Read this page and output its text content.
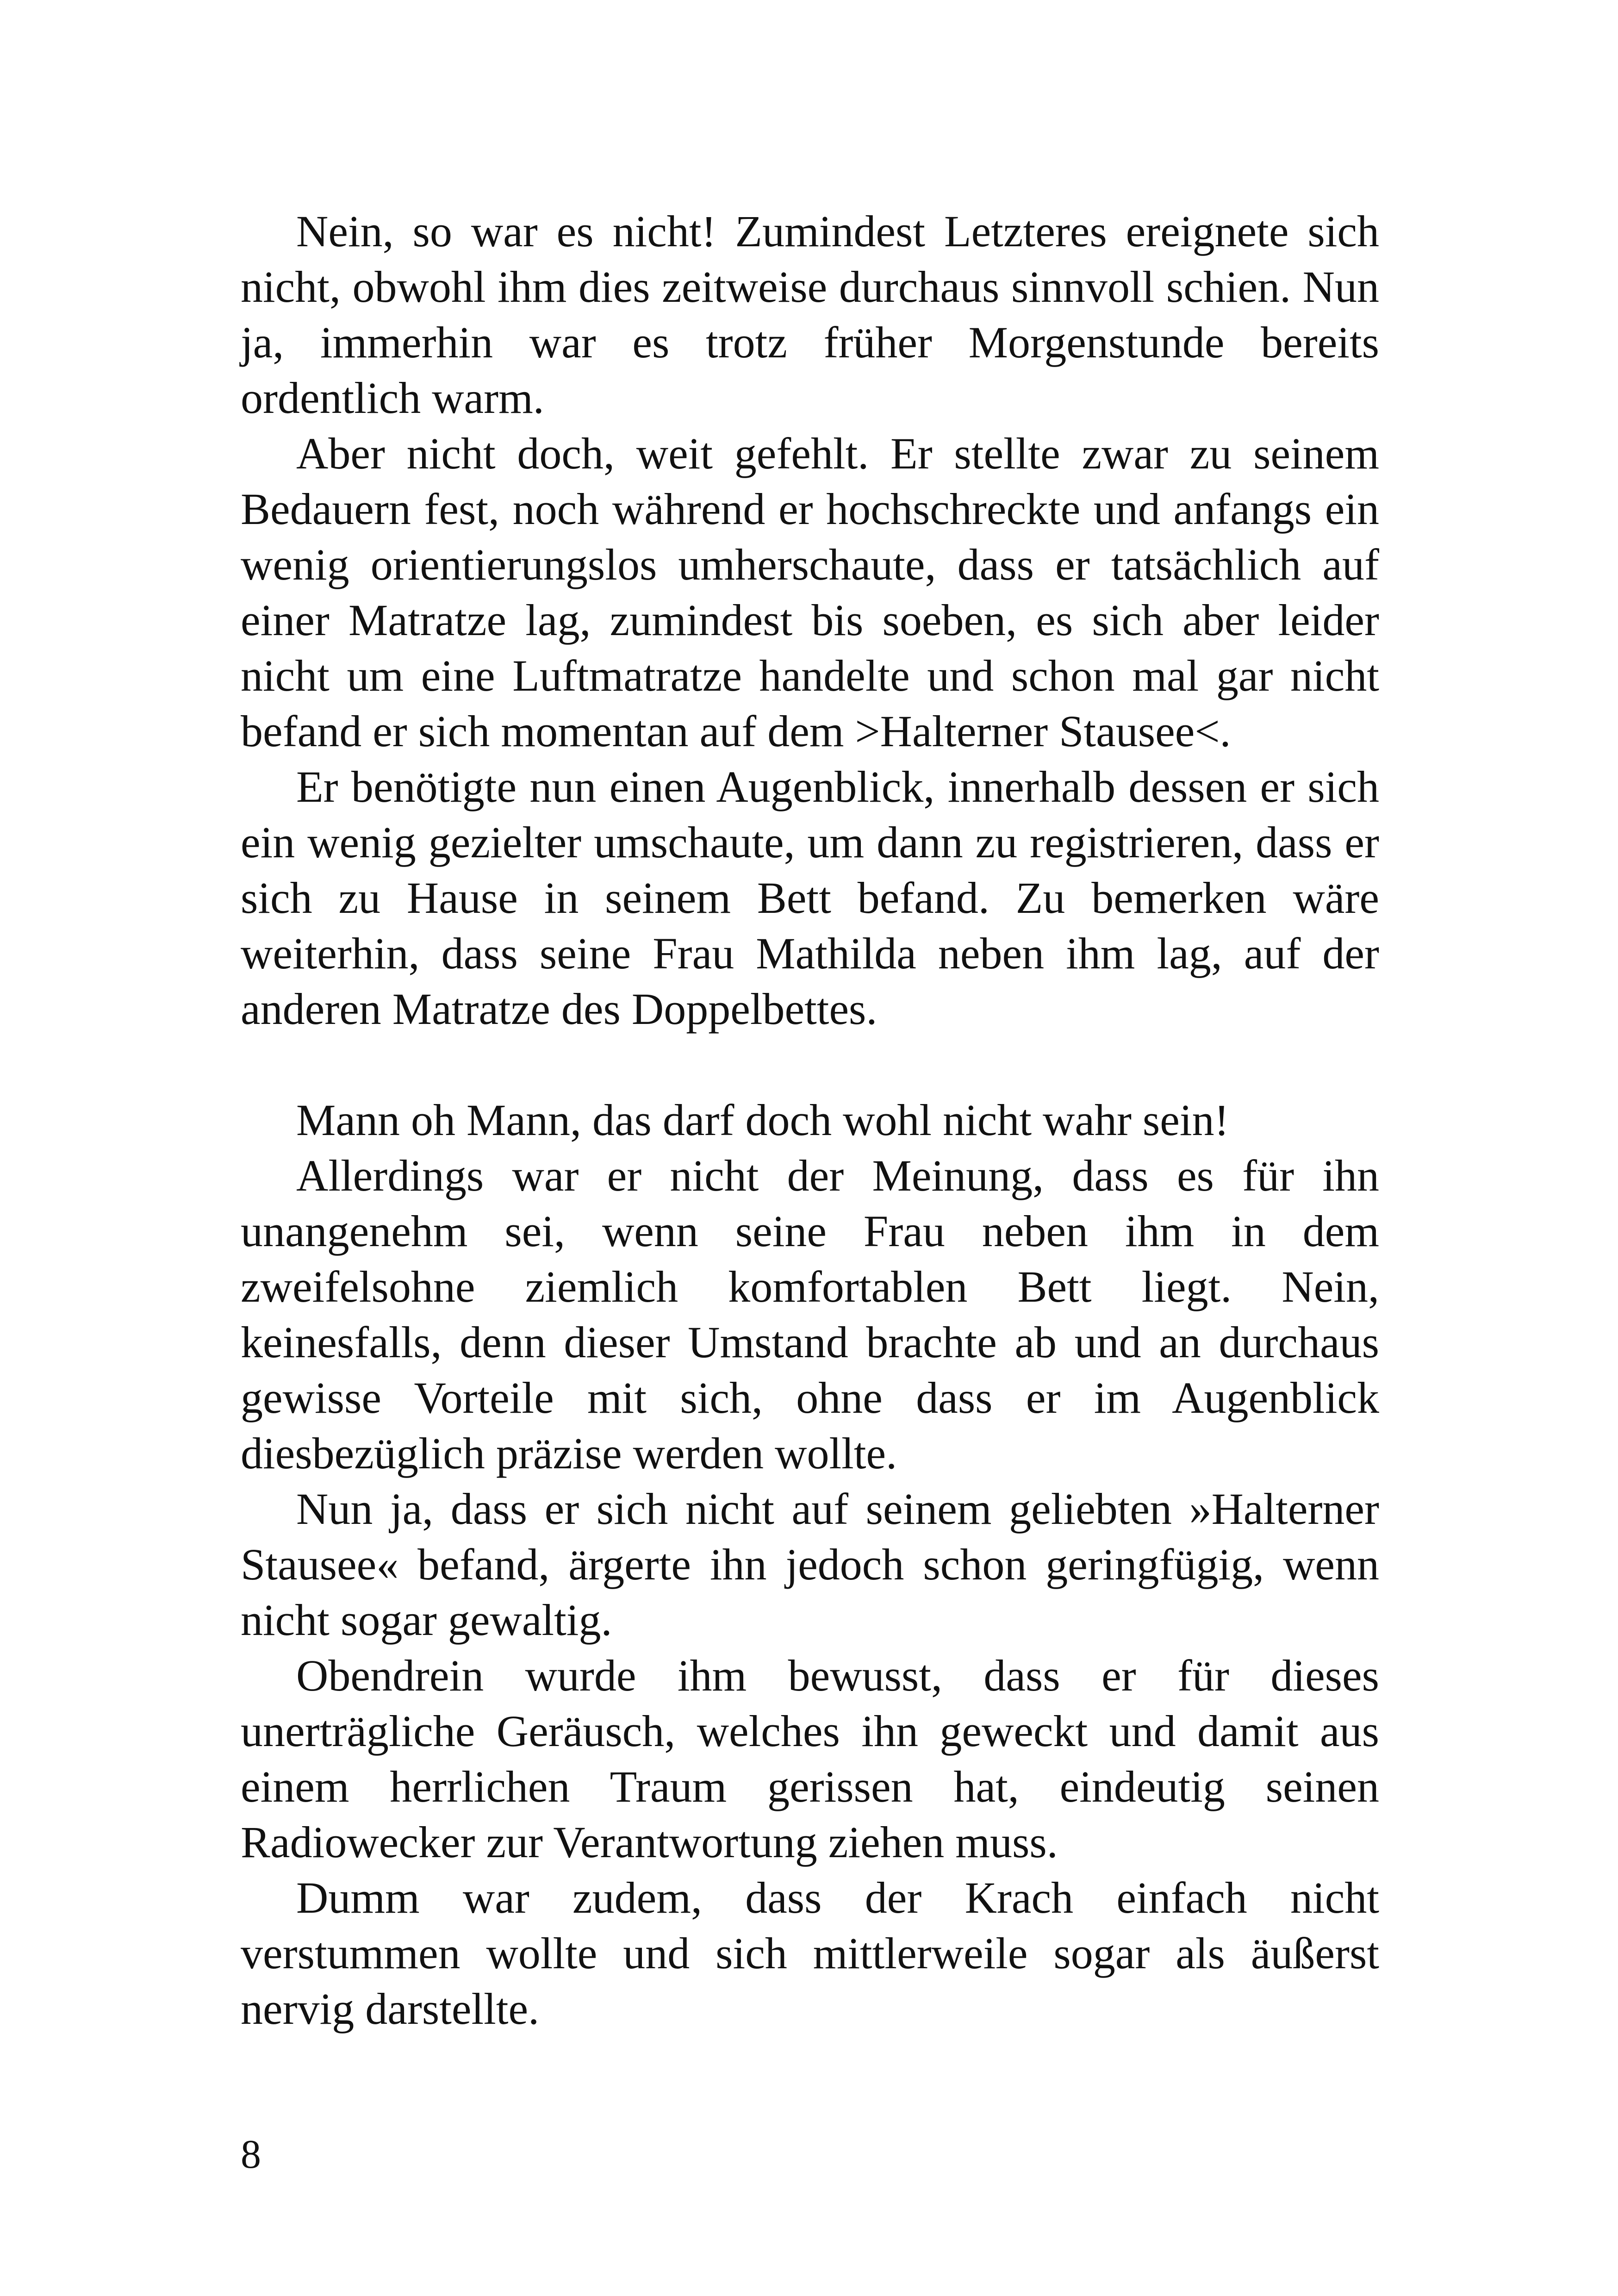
Nein, so war es nicht! Zumindest Letzteres ereignete sich nicht, obwohl ihm dies zeitweise durchaus sinnvoll schien. Nun ja, immerhin war es trotz früher Morgenstunde bereits ordentlich warm.

Aber nicht doch, weit gefehlt. Er stellte zwar zu seinem Bedauern fest, noch während er hochschreckte und anfangs ein wenig orientierungslos umherschaute, dass er tatsächlich auf einer Matratze lag, zumindest bis soeben, es sich aber leider nicht um eine Luftmatratze handelte und schon mal gar nicht befand er sich momentan auf dem >Halterner Stausee<.

Er benötigte nun einen Augenblick, innerhalb dessen er sich ein wenig gezielter umschaute, um dann zu registrieren, dass er sich zu Hause in seinem Bett befand. Zu bemerken wäre weiterhin, dass seine Frau Mathilda neben ihm lag, auf der anderen Matratze des Doppelbettes.

Mann oh Mann, das darf doch wohl nicht wahr sein!

Allerdings war er nicht der Meinung, dass es für ihn unangenehm sei, wenn seine Frau neben ihm in dem zweifelsohne ziemlich komfortablen Bett liegt. Nein, keinesfalls, denn dieser Umstand brachte ab und an durchaus gewisse Vorteile mit sich, ohne dass er im Augenblick diesbezüglich präzise werden wollte.

Nun ja, dass er sich nicht auf seinem geliebten »Halterner Stausee« befand, ärgerte ihn jedoch schon geringfügig, wenn nicht sogar gewaltig.

Obendrein wurde ihm bewusst, dass er für dieses unerträgliche Geräusch, welches ihn geweckt und damit aus einem herrlichen Traum gerissen hat, eindeutig seinen Radiowecker zur Verantwortung ziehen muss.

Dumm war zudem, dass der Krach einfach nicht verstummen wollte und sich mittlerweile sogar als äußerst nervig darstellte.

8
